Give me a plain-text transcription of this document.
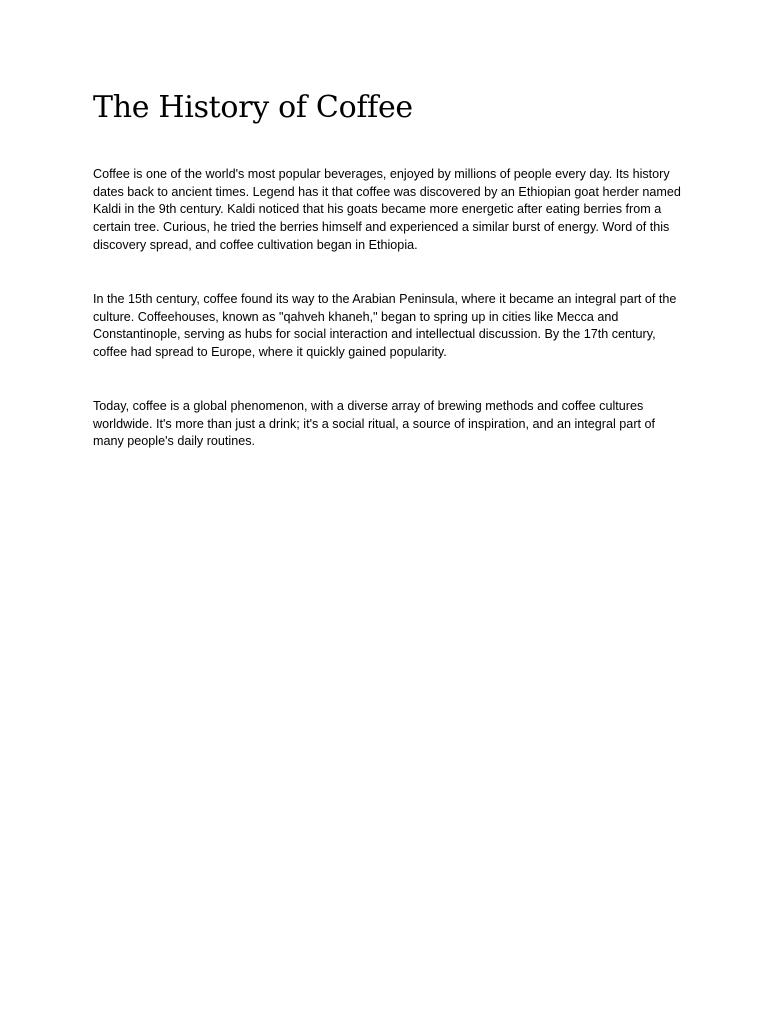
The History of Coffee

Coffee is one of the world's most popular beverages, enjoyed by millions of people every day. Its history dates back to ancient times. Legend has it that coffee was discovered by an Ethiopian goat herder named Kaldi in the 9th century. Kaldi noticed that his goats became more energetic after eating berries from a certain tree. Curious, he tried the berries himself and experienced a similar burst of energy. Word of this discovery spread, and coffee cultivation began in Ethiopia.

In the 15th century, coffee found its way to the Arabian Peninsula, where it became an integral part of the culture. Coffeehouses, known as "qahveh khaneh," began to spring up in cities like Mecca and Constantinople, serving as hubs for social interaction and intellectual discussion. By the 17th century, coffee had spread to Europe, where it quickly gained popularity.

Today, coffee is a global phenomenon, with a diverse array of brewing methods and coffee cultures worldwide. It's more than just a drink; it's a social ritual, a source of inspiration, and an integral part of many people's daily routines.
